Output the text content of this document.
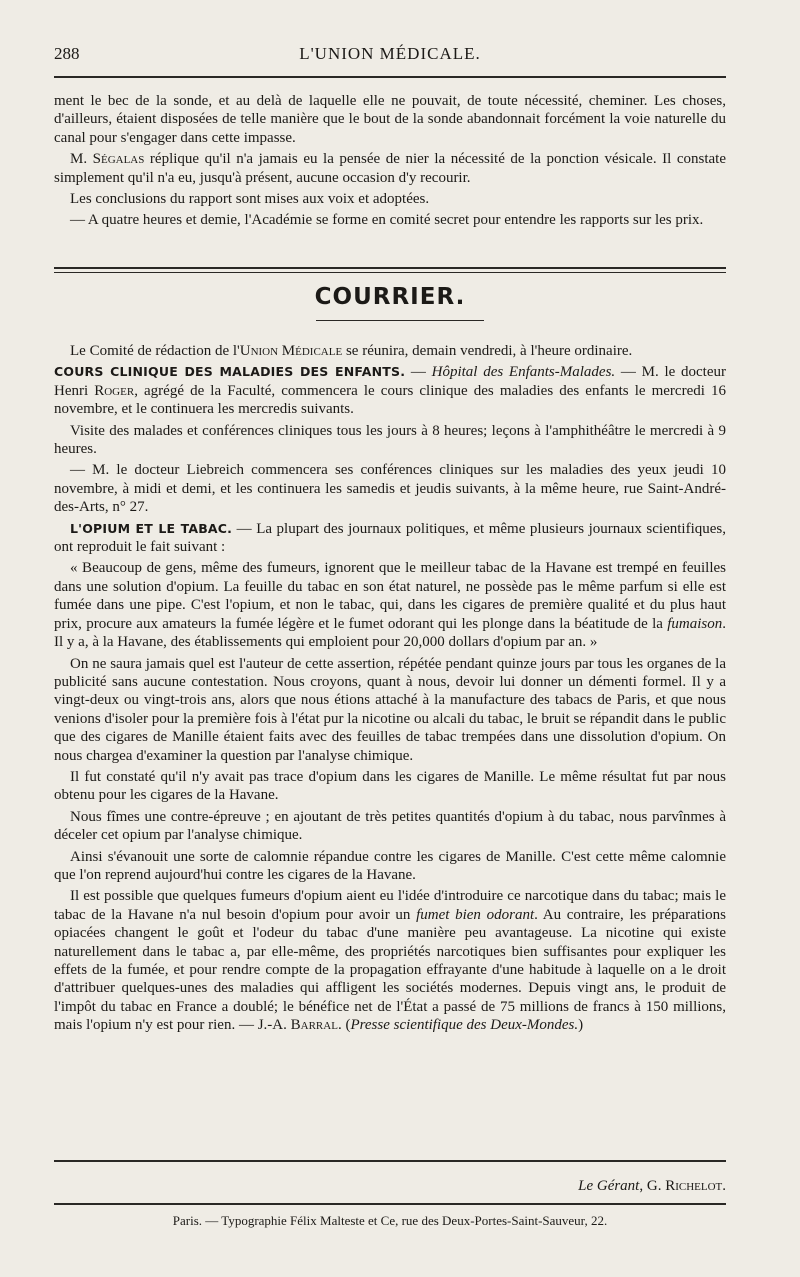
288	L'UNION MÉDICALE.

ment le bec de la sonde, et au delà de laquelle elle ne pouvait, de toute nécessité, cheminer. Les choses, d'ailleurs, étaient disposées de telle manière que le bout de la sonde abandonnait forcément la voie naturelle du canal pour s'engager dans cette impasse.

M. Ségalas réplique qu'il n'a jamais eu la pensée de nier la nécessité de la ponction vésicale. Il constate simplement qu'il n'a eu, jusqu'à présent, aucune occasion d'y recourir.

Les conclusions du rapport sont mises aux voix et adoptées.

— A quatre heures et demie, l'Académie se forme en comité secret pour entendre les rapports sur les prix.

COURRIER.

Le Comité de rédaction de l'Union Médicale se réunira, demain vendredi, à l'heure ordinaire.

COURS CLINIQUE DES MALADIES DES ENFANTS. — Hôpital des Enfants-Malades. — M. le docteur Henri Roger, agrégé de la Faculté, commencera le cours clinique des maladies des enfants le mercredi 16 novembre, et le continuera les mercredis suivants.

Visite des malades et conférences cliniques tous les jours à 8 heures; leçons à l'amphithéâtre le mercredi à 9 heures.

— M. le docteur Liebreich commencera ses conférences cliniques sur les maladies des yeux jeudi 10 novembre, à midi et demi, et les continuera les samedis et jeudis suivants, à la même heure, rue Saint-André-des-Arts, n° 27.

L'OPIUM ET LE TABAC. — La plupart des journaux politiques, et même plusieurs journaux scientifiques, ont reproduit le fait suivant :

« Beaucoup de gens, même des fumeurs, ignorent que le meilleur tabac de la Havane est trempé en feuilles dans une solution d'opium. La feuille du tabac en son état naturel, ne possède pas le même parfum si elle est fumée dans une pipe. C'est l'opium, et non le tabac, qui, dans les cigares de première qualité et du plus haut prix, procure aux amateurs la fumée légère et le fumet odorant qui les plonge dans la béatitude de la fumaison. Il y a, à la Havane, des établissements qui emploient pour 20,000 dollars d'opium par an. »

On ne saura jamais quel est l'auteur de cette assertion, répétée pendant quinze jours par tous les organes de la publicité sans aucune contestation. Nous croyons, quant à nous, devoir lui donner un démenti formel. Il y a vingt-deux ou vingt-trois ans, alors que nous étions attaché à la manufacture des tabacs de Paris, et que nous venions d'isoler pour la première fois à l'état pur la nicotine ou alcali du tabac, le bruit se répandit dans le public que des cigares de Manille étaient faits avec des feuilles de tabac trempées dans une dissolution d'opium. On nous chargea d'examiner la question par l'analyse chimique.

Il fut constaté qu'il n'y avait pas trace d'opium dans les cigares de Manille. Le même résultat fut par nous obtenu pour les cigares de la Havane.

Nous fîmes une contre-épreuve ; en ajoutant de très petites quantités d'opium à du tabac, nous parvînmes à déceler cet opium par l'analyse chimique.

Ainsi s'évanouit une sorte de calomnie répandue contre les cigares de Manille. C'est cette même calomnie que l'on reprend aujourd'hui contre les cigares de la Havane.

Il est possible que quelques fumeurs d'opium aient eu l'idée d'introduire ce narcotique dans du tabac; mais le tabac de la Havane n'a nul besoin d'opium pour avoir un fumet bien odorant. Au contraire, les préparations opiacées changent le goût et l'odeur du tabac d'une manière peu avantageuse. La nicotine qui existe naturellement dans le tabac a, par elle-même, des propriétés narcotiques bien suffisantes pour expliquer les effets de la fumée, et pour rendre compte de la propagation effrayante d'une habitude à laquelle on a le droit d'attribuer quelques-unes des maladies qui affligent les sociétés modernes. Depuis vingt ans, le produit de l'impôt du tabac en France a doublé; le bénéfice net de l'État a passé de 75 millions de francs à 150 millions, mais l'opium n'y est pour rien. — J.-A. Barral. (Presse scientifique des Deux-Mondes.)

Le Gérant, G. Richelot.
Paris. — Typographie Félix Malteste et Ce, rue des Deux-Portes-Saint-Sauveur, 22.
